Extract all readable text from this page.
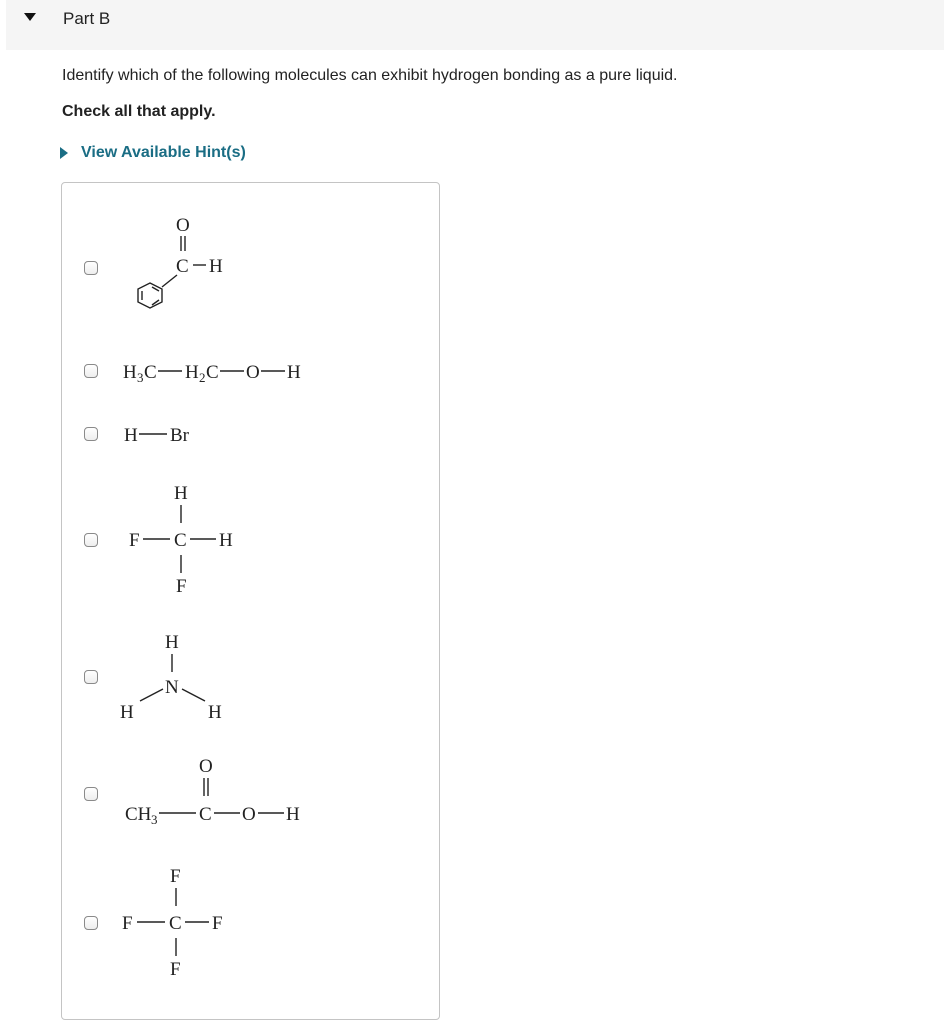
Part B
Identify which of the following molecules can exhibit hydrogen bonding as a pure liquid.
Check all that apply.
View Available Hint(s)
O
C H
H 3 C H 2 C O H
H Br
H
F C H
F
H
N
H	H
O
CH 3 C O H
F
F C F
F
